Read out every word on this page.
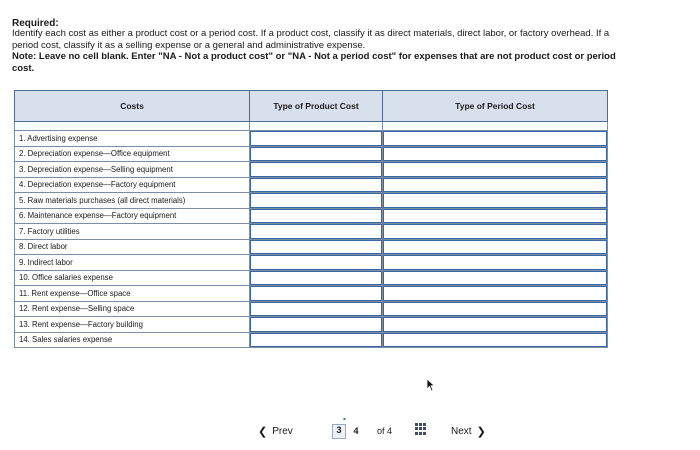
Required:
Identify each cost as either a product cost or a period cost. If a product cost, classify it as direct materials, direct labor, or factory overhead. If a period cost, classify it as a selling expense or a general and administrative expense.
Note: Leave no cell blank. Enter "NA - Not a product cost" or "NA - Not a period cost" for expenses that are not product cost or period cost.
Costs	Type of Product Cost	Type of Period Cost

1. Advertising expense		
2. Depreciation expense—Office equipment		
3. Depreciation expense—Selling equipment		
4. Depreciation expense—Factory equipment		
5. Raw materials purchases (all direct materials)		
6. Maintenance expense—Factory equipment		
7. Factory utilities		
8. Direct labor		
9. Indirect labor		
10. Office salaries expense		
11. Rent expense—Office space		
12. Rent expense—Selling space		
13. Rent expense—Factory building		
14. Sales salaries expense		
❮ Prev
⚭
3	4	of 4	Next ❯
